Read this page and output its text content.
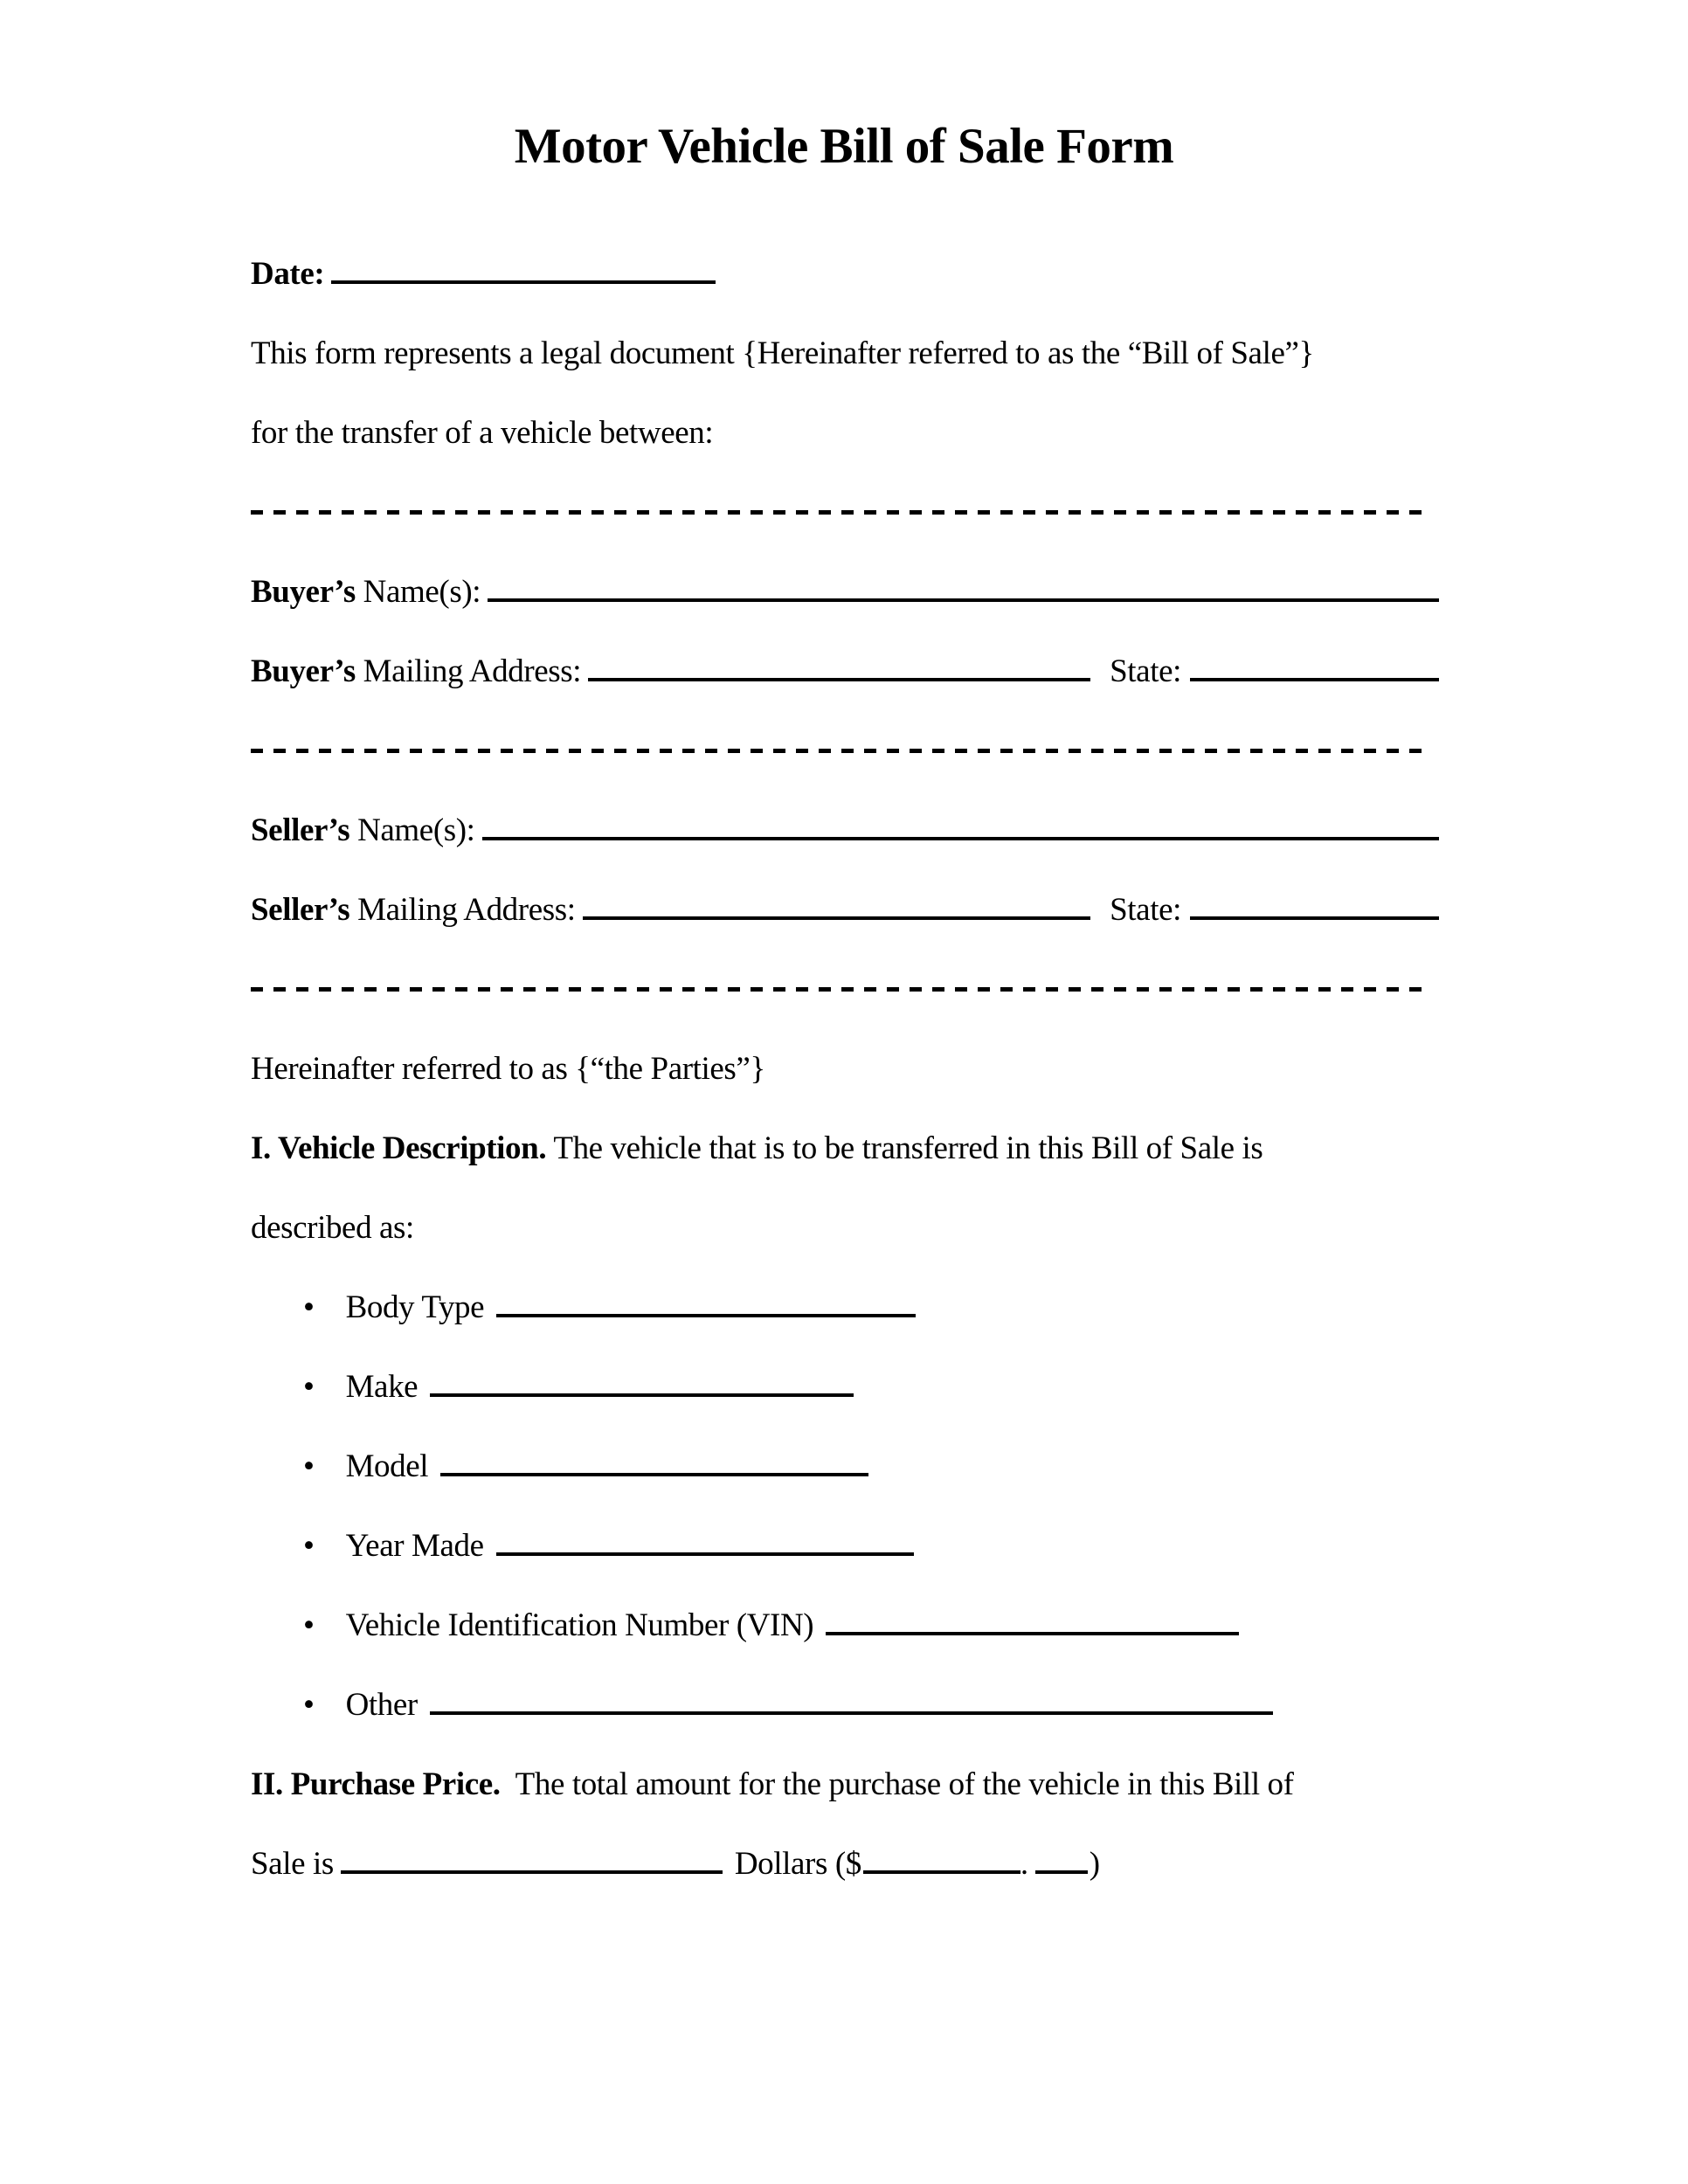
Motor Vehicle Bill of Sale Form
Date:
This form represents a legal document {Hereinafter referred to as the “Bill of Sale”}
for the transfer of a vehicle between:
Buyer’s Name(s):
Buyer’s Mailing Address:	State:
Seller’s Name(s):
Seller’s Mailing Address:	State:
Hereinafter referred to as {“the Parties”}
I. Vehicle Description. The vehicle that is to be transferred in this Bill of Sale is
described as:
• Body Type
• Make
• Model
• Year Made
• Vehicle Identification Number (VIN)
• Other
II. Purchase Price. The total amount for the purchase of the vehicle in this Bill of
Sale is	Dollars ($	. )
